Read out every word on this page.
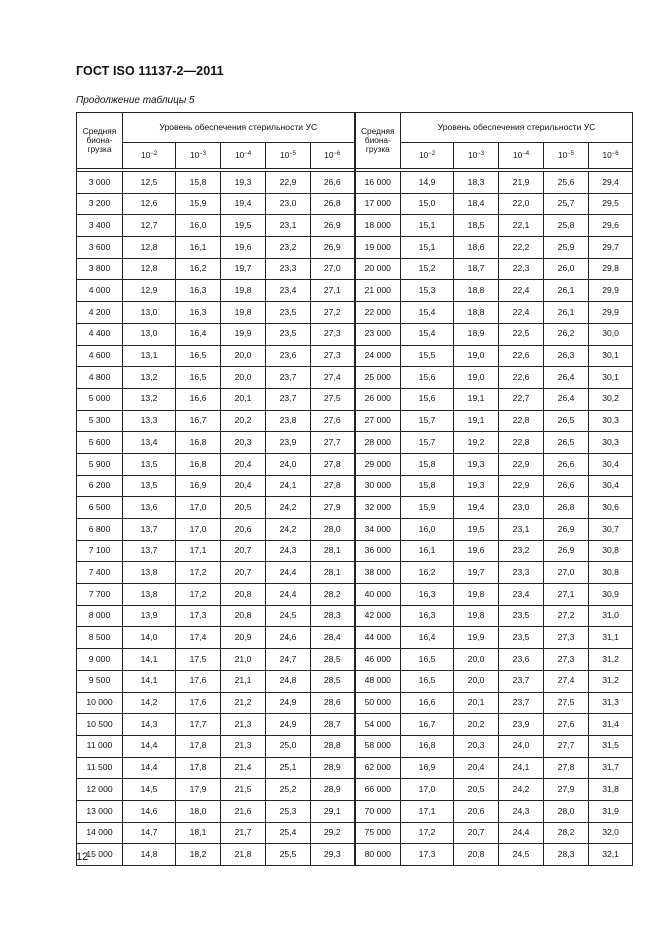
ГОСТ ISO 11137-2—2011
Продолжение таблицы 5
Средняя биона-грузка	Уровень обеспечения стерильности УС					Средняя биона-грузка	Уровень обеспечения стерильности УС				
	$10^{-2}$	$10^{-3}$	$10^{-4}$	$10^{-5}$	$10^{-6}$		$10^{-2}$	$10^{-3}$	$10^{-4}$	$10^{-5}$	$10^{-6}$

3 000	12,5	15,8	19,3	22,9	26,6	16 000	14,9	18,3	21,9	25,6	29,4
3 200	12,6	15,9	19,4	23,0	26,8	17 000	15,0	18,4	22,0	25,7	29,5
3 400	12,7	16,0	19,5	23,1	26,9	18 000	15,1	18,5	22,1	25,8	29,6
3 600	12,8	16,1	19,6	23,2	26,9	19 000	15,1	18,6	22,2	25,9	29,7
3 800	12,8	16,2	19,7	23,3	27,0	20 000	15,2	18,7	22,3	26,0	29,8
4 000	12,9	16,3	19,8	23,4	27,1	21 000	15,3	18,8	22,4	26,1	29,9
4 200	13,0	16,3	19,8	23,5	27,2	22 000	15,4	18,8	22,4	26,1	29,9
4 400	13,0	16,4	19,9	23,5	27,3	23 000	15,4	18,9	22,5	26,2	30,0
4 600	13,1	16,5	20,0	23,6	27,3	24 000	15,5	19,0	22,6	26,3	30,1
4 800	13,2	16,5	20,0	23,7	27,4	25 000	15,6	19,0	22,6	26,4	30,1
5 000	13,2	16,6	20,1	23,7	27,5	26 000	15,6	19,1	22,7	26,4	30,2
5 300	13,3	16,7	20,2	23,8	27,6	27 000	15,7	19,1	22,8	26,5	30,3
5 600	13,4	16,8	20,3	23,9	27,7	28 000	15,7	19,2	22,8	26,5	30,3
5 900	13,5	16,8	20,4	24,0	27,8	29 000	15,8	19,3	22,9	26,6	30,4
6 200	13,5	16,9	20,4	24,1	27,8	30 000	15,8	19,3	22,9	26,6	30,4
6 500	13,6	17,0	20,5	24,2	27,9	32 000	15,9	19,4	23,0	26,8	30,6
6 800	13,7	17,0	20,6	24,2	28,0	34 000	16,0	19,5	23,1	26,9	30,7
7 100	13,7	17,1	20,7	24,3	28,1	36 000	16,1	19,6	23,2	26,9	30,8
7 400	13,8	17,2	20,7	24,4	28,1	38 000	16,2	19,7	23,3	27,0	30,8
7 700	13,8	17,2	20,8	24,4	28,2	40 000	16,3	19,8	23,4	27,1	30,9
8 000	13,9	17,3	20,8	24,5	28,3	42 000	16,3	19,8	23,5	27,2	31,0
8 500	14,0	17,4	20,9	24,6	28,4	44 000	16,4	19,9	23,5	27,3	31,1
9 000	14,1	17,5	21,0	24,7	28,5	46 000	16,5	20,0	23,6	27,3	31,2
9 500	14,1	17,6	21,1	24,8	28,5	48 000	16,5	20,0	23,7	27,4	31,2
10 000	14,2	17,6	21,2	24,9	28,6	50 000	16,6	20,1	23,7	27,5	31,3
10 500	14,3	17,7	21,3	24,9	28,7	54 000	16,7	20,2	23,9	27,6	31,4
11 000	14,4	17,8	21,3	25,0	28,8	58 000	16,8	20,3	24,0	27,7	31,5
11 500	14,4	17,8	21,4	25,1	28,9	62 000	16,9	20,4	24,1	27,8	31,7
12 000	14,5	17,9	21,5	25,2	28,9	66 000	17,0	20,5	24,2	27,9	31,8
13 000	14,6	18,0	21,6	25,3	29,1	70 000	17,1	20,6	24,3	28,0	31,9
14 000	14,7	18,1	21,7	25,4	29,2	75 000	17,2	20,7	24,4	28,2	32,0
15 000	14,8	18,2	21,8	25,5	29,3	80 000	17,3	20,8	24,5	28,3	32,1
12
